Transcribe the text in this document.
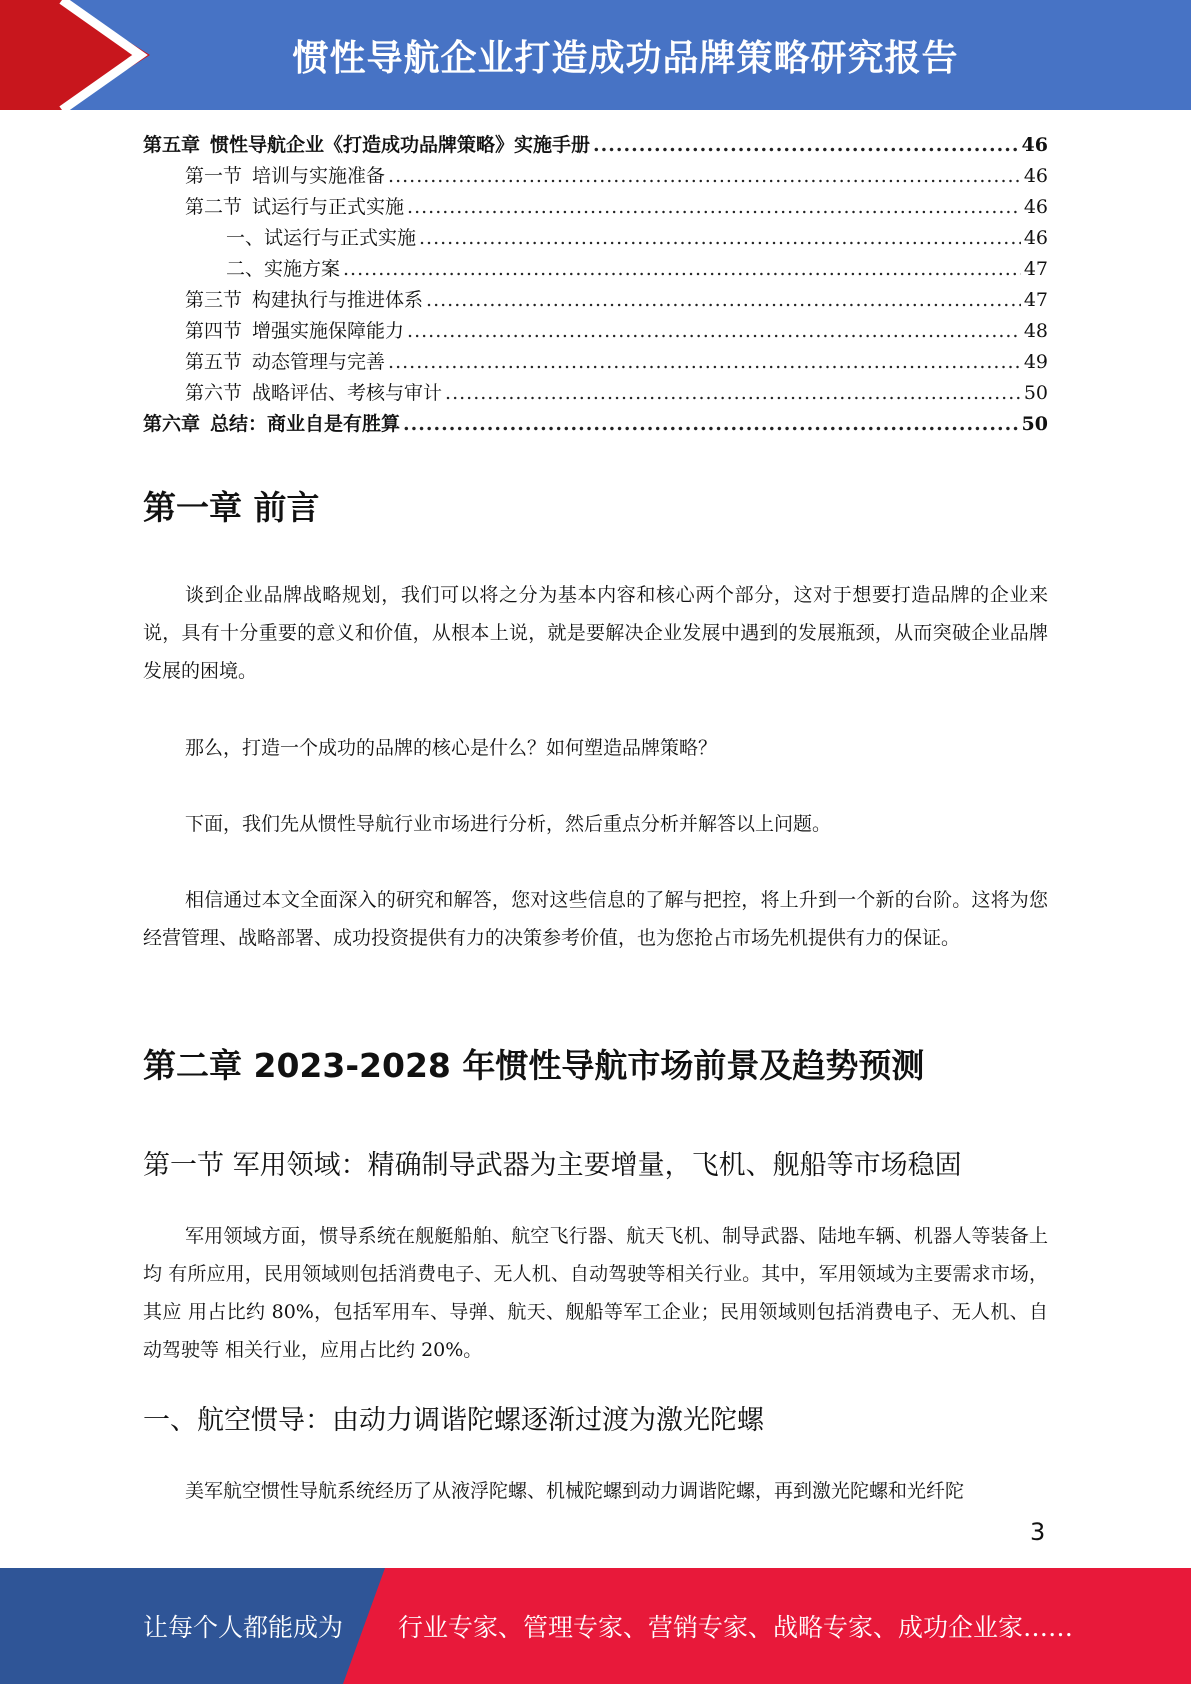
惯性导航企业打造成功品牌策略研究报告
第五章 惯性导航企业《打造成功品牌策略》实施手册 .....	46
第一节 培训与实施准备 .....	46
第二节 试运行与正式实施 .....	46
一、试运行与正式实施 .....	46
二、实施方案 .....	47
第三节 构建执行与推进体系 .....	47
第四节 增强实施保障能力 .....	48
第五节 动态管理与完善 .....	49
第六节 战略评估、考核与审计 .....	50
第六章 总结：商业自是有胜算 .....	50
第一章 前言
谈到企业品牌战略规划，我们可以将之分为基本内容和核心两个部分，这对于想要打造品牌的企业来说，具有十分重要的意义和价值，从根本上说，就是要解决企业发展中遇到的发展瓶颈，从而突破企业品牌发展的困境。
那么，打造一个成功的品牌的核心是什么？如何塑造品牌策略？
下面，我们先从惯性导航行业市场进行分析，然后重点分析并解答以上问题。
相信通过本文全面深入的研究和解答，您对这些信息的了解与把控，将上升到一个新的台阶。这将为您经营管理、战略部署、成功投资提供有力的决策参考价值，也为您抢占市场先机提供有力的保证。
第二章 2023-2028 年惯性导航市场前景及趋势预测
第一节 军用领域：精确制导武器为主要增量，飞机、舰船等市场稳固
军用领域方面，惯导系统在舰艇船舶、航空飞行器、航天飞机、制导武器、陆地车辆、机器人等装备上均 有所应用，民用领域则包括消费电子、无人机、自动驾驶等相关行业。其中，军用领域为主要需求市场，其应 用占比约 80%，包括军用车、导弹、航天、舰船等军工企业；民用领域则包括消费电子、无人机、自动驾驶等 相关行业，应用占比约 20%。
一、航空惯导：由动力调谐陀螺逐渐过渡为激光陀螺
美军航空惯性导航系统经历了从液浮陀螺、机械陀螺到动力调谐陀螺，再到激光陀螺和光纤陀
3
让每个人都能成为 行业专家、管理专家、营销专家、战略专家、成功企业家……
